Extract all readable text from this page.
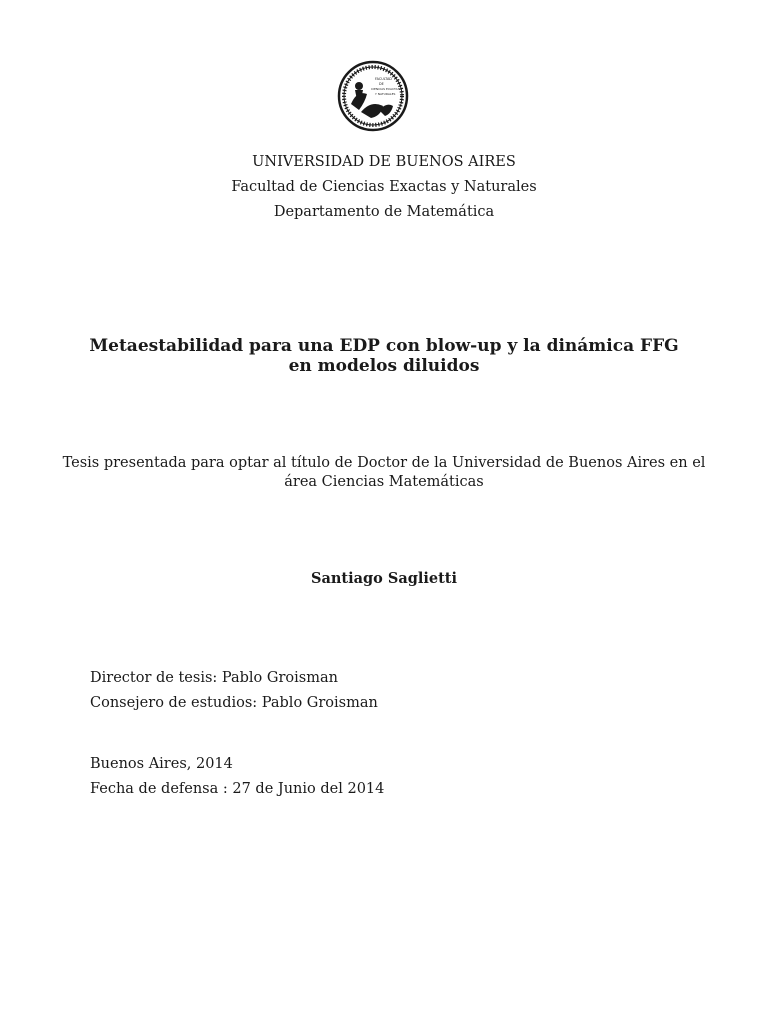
FACULTAD
DE
CIENCIAS EXACTAS
Y NATURALES
UNIVERSIDAD DE BUENOS AIRES
Facultad de Ciencias Exactas y Naturales
Departamento de Matemática
Metaestabilidad para una EDP con blow-up y la dinámica FFG
en modelos diluidos
Tesis presentada para optar al título de Doctor de la Universidad de Buenos Aires en el
área Ciencias Matemáticas
Santiago Saglietti
Director de tesis: Pablo Groisman
Consejero de estudios: Pablo Groisman
Buenos Aires, 2014
Fecha de defensa : 27 de Junio del 2014
